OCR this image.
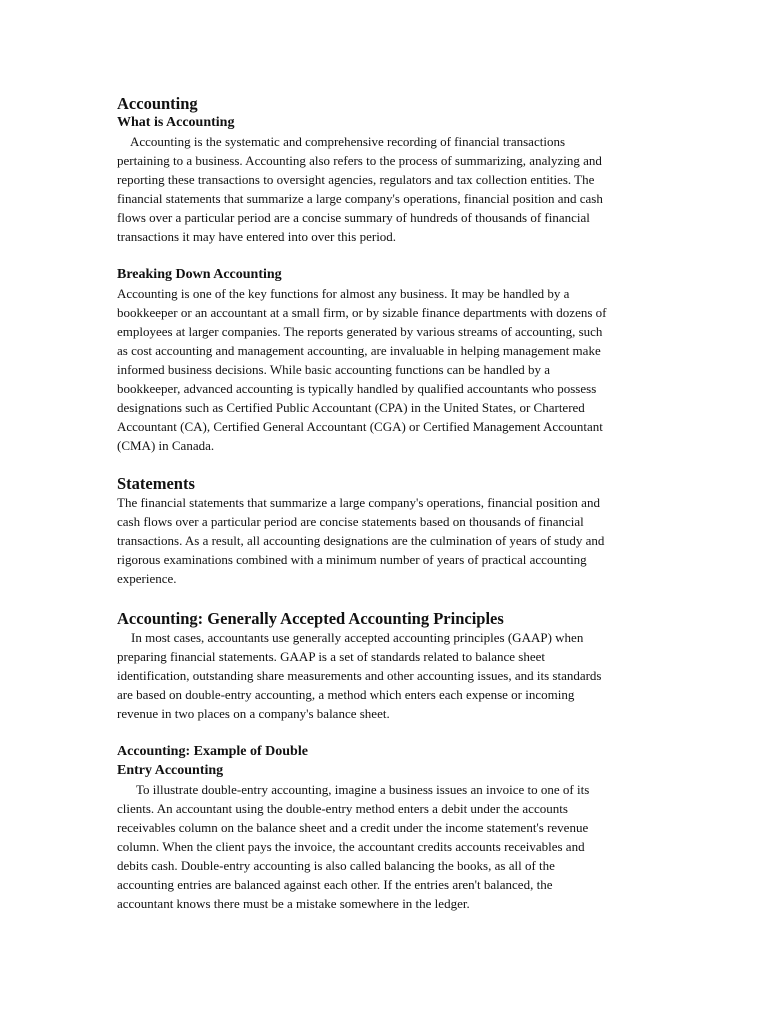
Accounting
What is Accounting
Accounting is the systematic and comprehensive recording of financial transactions
pertaining to a business. Accounting also refers to the process of summarizing, analyzing and
reporting these transactions to oversight agencies, regulators and tax collection entities. The
financial statements that summarize a large company's operations, financial position and cash
flows over a particular period are a concise summary of hundreds of thousands of financial
transactions it may have entered into over this period.
Breaking Down Accounting
Accounting is one of the key functions for almost any business. It may be handled by a
bookkeeper or an accountant at a small firm, or by sizable finance departments with dozens of
employees at larger companies. The reports generated by various streams of accounting, such
as cost accounting and management accounting, are invaluable in helping management make
informed business decisions. While basic accounting functions can be handled by a
bookkeeper, advanced accounting is typically handled by qualified accountants who possess
designations such as Certified Public Accountant (CPA) in the United States, or Chartered
Accountant (CA), Certified General Accountant (CGA) or Certified Management Accountant
(CMA) in Canada.
Statements
The financial statements that summarize a large company's operations, financial position and
cash flows over a particular period are concise statements based on thousands of financial
transactions. As a result, all accounting designations are the culmination of years of study and
rigorous examinations combined with a minimum number of years of practical accounting
experience.
Accounting: Generally Accepted Accounting Principles
In most cases, accountants use generally accepted accounting principles (GAAP) when
preparing financial statements. GAAP is a set of standards related to balance sheet
identification, outstanding share measurements and other accounting issues, and its standards
are based on double-entry accounting, a method which enters each expense or incoming
revenue in two places on a company's balance sheet.
Accounting: Example of Double
Entry Accounting
To illustrate double-entry accounting, imagine a business issues an invoice to one of its
clients. An accountant using the double-entry method enters a debit under the accounts
receivables column on the balance sheet and a credit under the income statement's revenue
column. When the client pays the invoice, the accountant credits accounts receivables and
debits cash. Double-entry accounting is also called balancing the books, as all of the
accounting entries are balanced against each other. If the entries aren't balanced, the
accountant knows there must be a mistake somewhere in the ledger.
